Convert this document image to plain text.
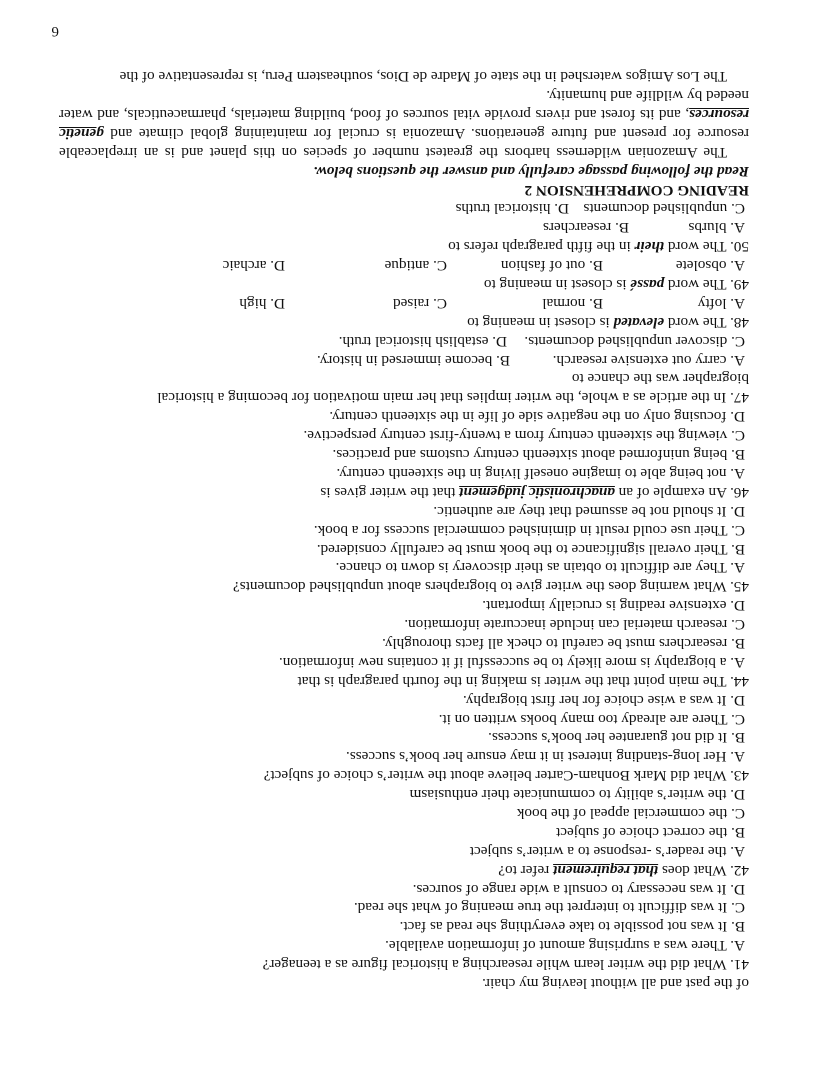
of the past and all without leaving my chair.
41. What did the writer learn while researching a historical figure as a teenager?
A. There was a surprising amount of information available.
B. It was not possible to take everything she read as fact.
C. It was difficult to interpret the true meaning of what she read.
D. It was necessary to consult a wide range of sources.
42. What does that requirement refer to?
A. the reader’s -response to a writer’s subject
B. the correct choice of subject
C. the commercial appeal of the book
D. the writer’s ability to communicate their enthusiasm
43. What did Mark Bonham-Carter believe about the writer’s choice of subject?
A. Her long-standing interest in it may ensure her book’s success.
B. It did not guarantee her book’s success.
C. There are already too many books written on it.
D. It was a wise choice for her first biography.
44. The main point that the writer is making in the fourth paragraph is that
A. a biography is more likely to be successful if it contains new information.
B. researchers must be careful to check all facts thoroughly.
C. research material can include inaccurate information.
D. extensive reading is crucially important.
45. What warning does the writer give to biographers about unpublished documents?
A. They are difficult to obtain as their discovery is down to chance.
B. Their overall significance to the book must be carefully considered.
C. Their use could result in diminished commercial success for a book.
D. It should not be assumed that they are authentic.
46. An example of an anachronistic judgement that the writer gives is
A. not being able to imagine oneself living in the sixteenth century.
B. being uninformed about sixteenth century customs and practices.
C. viewing the sixteenth century from a twenty-first century perspective.
D. focusing only on the negative side of life in the sixteenth century.
47. In the article as a whole, the writer implies that her main motivation for becoming a historical
biographer was the chance to
A. carry out extensive research.
B. become immersed in history.
C. discover unpublished documents.
D. establish historical truth.
48. The word elevated is closest in meaning to
A. lofty
B. normal
C. raised
D. high
49. The word passé is closest in meaning to
A. obsolete
B. out of fashion
C. antique
D. archaic
50. The word their in the fifth paragraph refers to
A. blurbs
B. researchers
C. unpublished documents
D. historical truths
READING COMPREHENSION 2
Read the following passage carefully and answer the questions below.

The Amazonian wilderness harbors the greatest number of species on this planet and is an irreplaceable resource for present and future generations. Amazonia is crucial for maintaining global climate and genetic resources, and its forest and rivers provide vital sources of food, building materials, pharmaceuticals, and water needed by wildlife and humanity.

The Los Amigos watershed in the state of Madre de Dios, southeastern Peru, is representative of the

6
